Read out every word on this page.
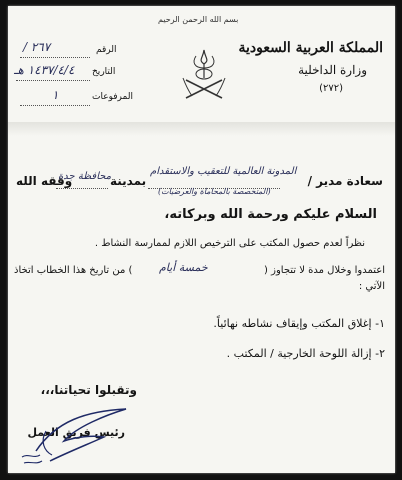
بسم الله الرحمن الرحيم
المملكة العربية السعودية
وزارة الداخلية
(٢٧٢)
الرقم
٢٦٧ /
التاريخ
١٤٣٧/٤/٤ هـ
المرفوعات
١
سعادة مدير /
المدونة العالمية للتعقيب والاستقدام
(المتخصصة بالمحاماة والعرضيات)
بمدينة
محافظة جدة
وفقه الله
السلام عليكم ورحمة الله وبركاته،
نظراً لعدم حصول المكتب على الترخيص اللازم لممارسة النشاط .
اعتمدوا وخلال مدة لا تتجاوز (
خمسة أيام
) من تاريخ هذا الخطاب اتخاذ
الآتي :
١- إغلاق المكتب وإيقاف نشاطه نهائياً.
٢- إزالة اللوحة الخارجية / المكتب .
وتقبلوا تحياتنا،،،
رئيس فريق العمل
